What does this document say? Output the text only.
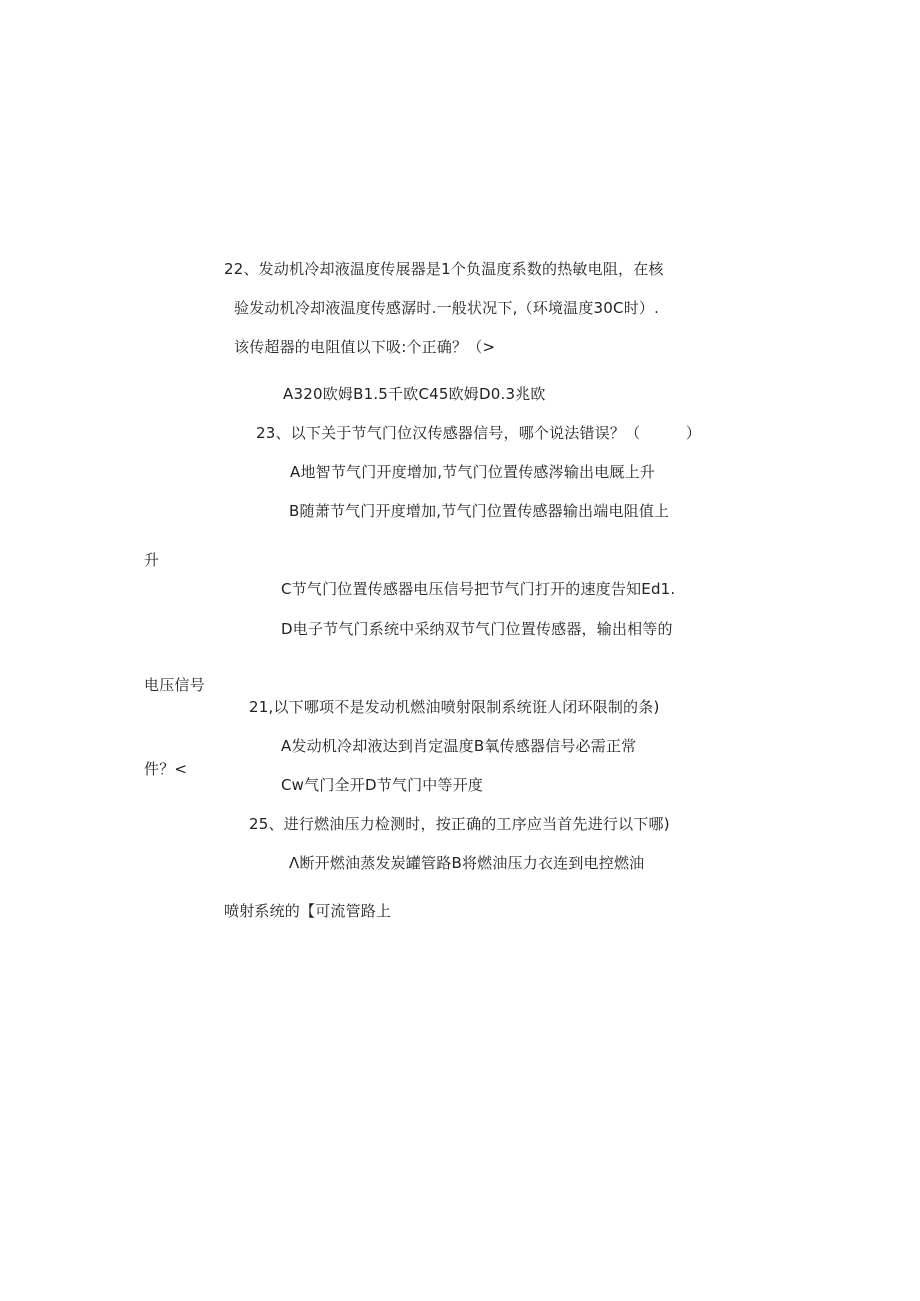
22、发动机冷却液温度传展器是1个负温度系数的热敏电阻，在核
验发动机冷却液温度传感潺时.一般状况下,（环境温度30C时）.
该传超器的电阻值以下吸:个正确？（>
A320欧姆B1.5千欧C45欧姆D0.3兆欧
23、以下关于节气门位汉传感器信号，哪个说法错误？（　　　）
A地智节气门开度增加,节气门位置传感涔输出电厩上升
B随萧节气门开度增加,节气门位置传感器输出端电阻值上
升
C节气门位置传感器电压信号把节气门打开的速度告知Ed1.
D电子节气门系统中采纳双节气门位置传感器，输出相等的
电压信号
21,以下哪项不是发动机燃油喷射限制系统诳人闭环限制的条)
A发动机冷却液达到肖定温度B氧传感器信号必需正常
件？<
Cw气门全开D节气门中等开度
25、进行燃油压力检测时，按正确的工序应当首先进行以下哪)
Λ断开燃油蒸发炭罐管路B将燃油压力衣连到电控燃油
喷射系统的【可流管路上
